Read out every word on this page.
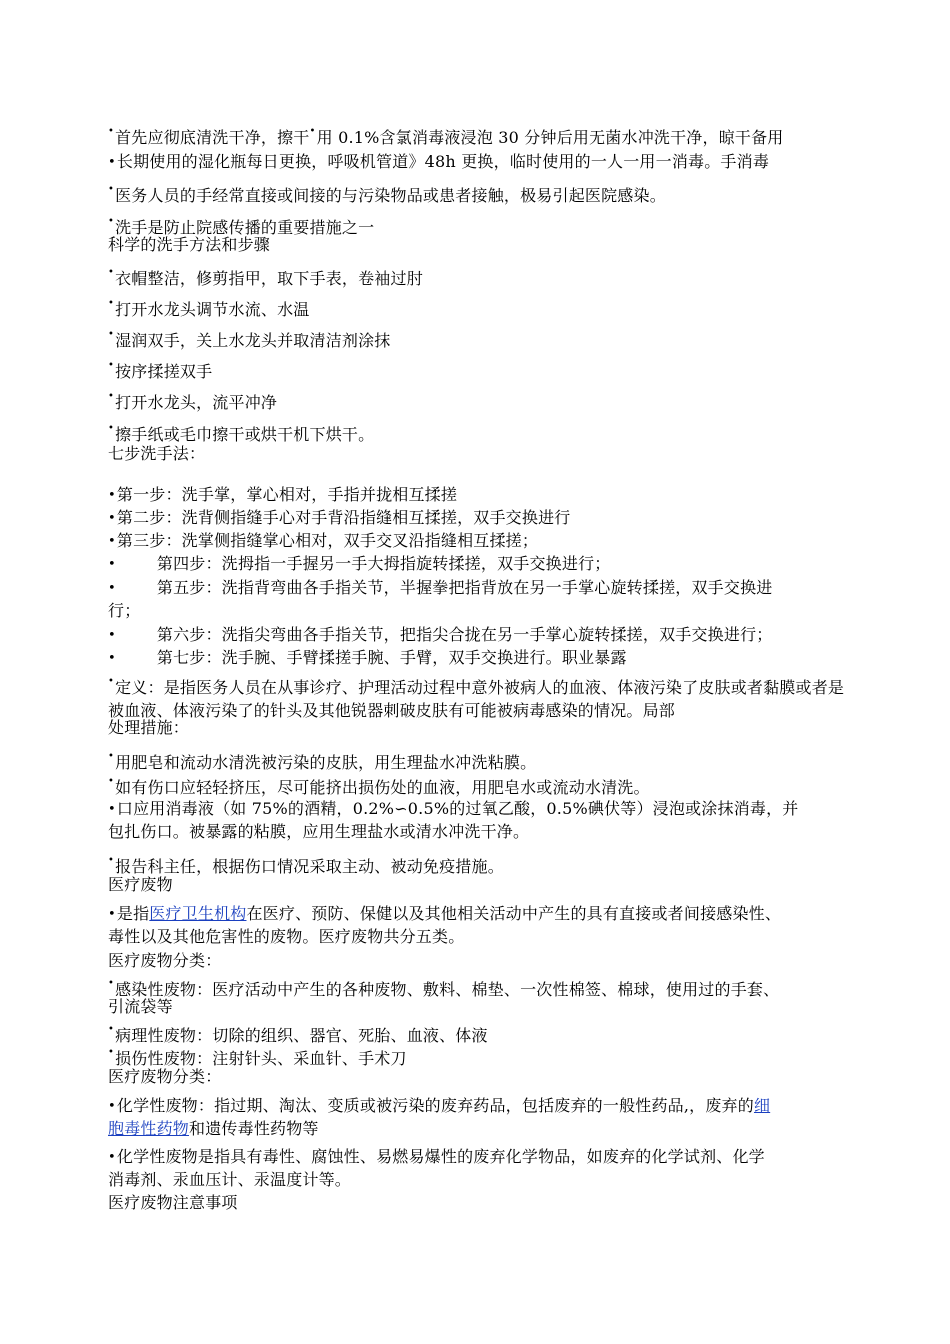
•首先应彻底清洗干净，擦干•用 0.1%含氯消毒液浸泡 30 分钟后用无菌水冲洗干净，晾干备用
•长期使用的湿化瓶每日更换，呼吸机管道》48h 更换，临时使用的一人一用一消毒。手消毒
•医务人员的手经常直接或间接的与污染物品或患者接触，极易引起医院感染。
•洗手是防止院感传播的重要措施之一
科学的洗手方法和步骤
•衣帽整洁，修剪指甲，取下手表，卷袖过肘
•打开水龙头调节水流、水温
•湿润双手，关上水龙头并取清洁剂涂抹
•按序揉搓双手
•打开水龙头，流平冲净
•擦手纸或毛巾擦干或烘干机下烘干。
七步洗手法：
•第一步：洗手掌，掌心相对，手指并拢相互揉搓
•第二步：洗背侧指缝手心对手背沿指缝相互揉搓，双手交换进行
•第三步：洗掌侧指缝掌心相对，双手交叉沿指缝相互揉搓；
•	第四步：洗拇指一手握另一手大拇指旋转揉搓，双手交换进行；
•	第五步：洗指背弯曲各手指关节，半握拳把指背放在另一手掌心旋转揉搓，双手交换进
行；
•	第六步：洗指尖弯曲各手指关节，把指尖合拢在另一手掌心旋转揉搓，双手交换进行；
•	第七步：洗手腕、手臂揉搓手腕、手臂，双手交换进行。职业暴露
•定义：是指医务人员在从事诊疗、护理活动过程中意外被病人的血液、体液污染了皮肤或者黏膜或者是被血液、体液污染了的针头及其他锐器刺破皮肤有可能被病毒感染的情况。局部
处理措施：
•用肥皂和流动水清洗被污染的皮肤，用生理盐水冲洗粘膜。
•如有伤口应轻轻挤压，尽可能挤出损伤处的血液，用肥皂水或流动水清洗。
•口应用消毒液（如 75%的酒精，0.2%∽0.5%的过氧乙酸，0.5%碘伏等）浸泡或涂抹消毒，并
包扎伤口。被暴露的粘膜，应用生理盐水或清水冲洗干净。
•报告科主任，根据伤口情况采取主动、被动免疫措施。
医疗废物
•是指医疗卫生机构在医疗、预防、保健以及其他相关活动中产生的具有直接或者间接感染性、
毒性以及其他危害性的废物。医疗废物共分五类。
医疗废物分类：
•感染性废物：医疗活动中产生的各种废物、敷料、棉垫、一次性棉签、棉球，使用过的手套、
引流袋等
•病理性废物：切除的组织、器官、死胎、血液、体液
•损伤性废物：注射针头、采血针、手术刀
医疗废物分类：
•化学性废物：指过期、淘汰、变质或被污染的废弃药品，包括废弃的一般性药品,，废弃的细
胞毒性药物和遗传毒性药物等
•化学性废物是指具有毒性、腐蚀性、易燃易爆性的废弃化学物品，如废弃的化学试剂、化学
消毒剂、汞血压计、汞温度计等。
医疗废物注意事项
